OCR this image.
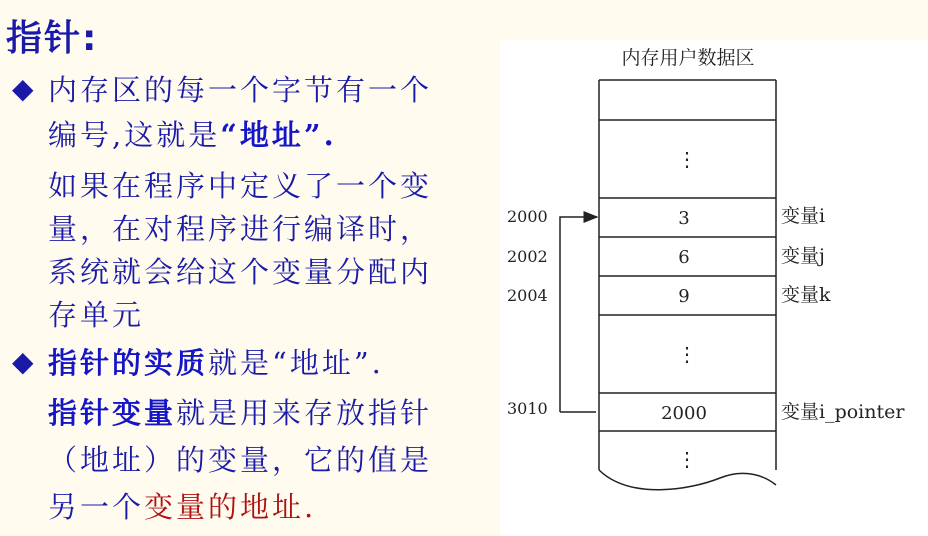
指针:
◆ 内存区的每一个字节有一个
编号,这就是“地址”.
如果在程序中定义了一个变
量，在对程序进行编译时，
系统就会给这个变量分配内
存单元
◆ 指针的实质就是“地址”.
指针变量就是用来存放指针
（地址）的变量，它的值是
另一个变量的地址.
内存用户数据区
⋮
3
6
9
⋮
2000
⋮
2000
2002
2004
3010
变量i
变量j
变量k
变量i_pointer
